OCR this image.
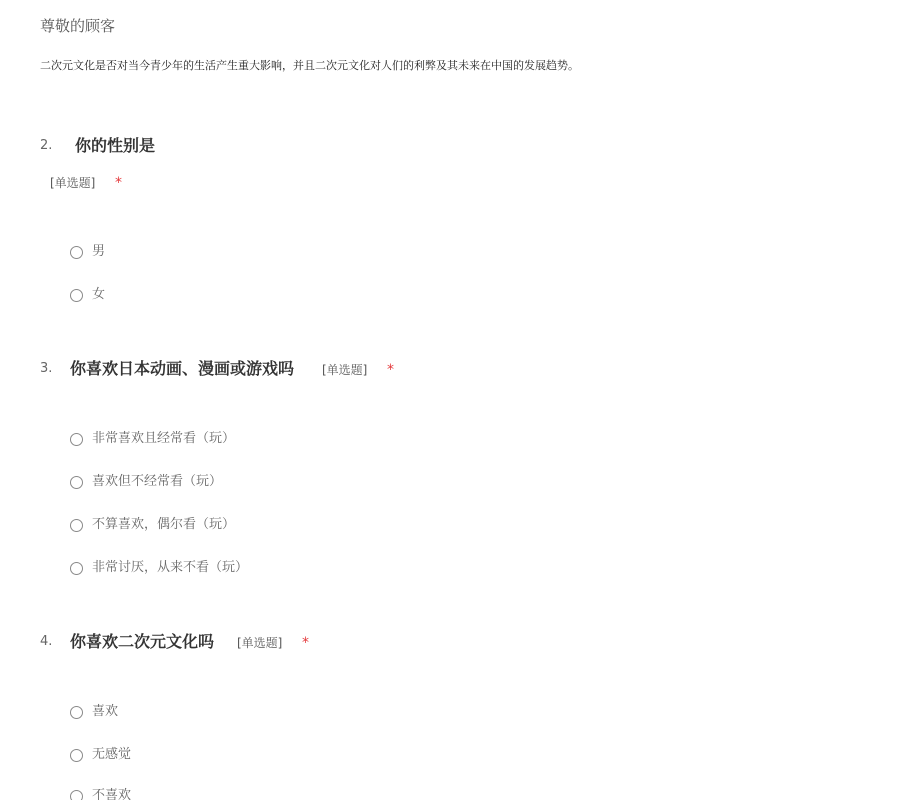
尊敬的顾客
二次元文化是否对当今青少年的生活产生重大影响，并且二次元文化对人们的利弊及其未来在中国的发展趋势。
2. 你的性别是
[单选题] *
男
女
3. 你喜欢日本动画、漫画或游戏吗 [单选题] *
非常喜欢且经常看（玩）
喜欢但不经常看（玩）
不算喜欢，偶尔看（玩）
非常讨厌，从来不看（玩）
4. 你喜欢二次元文化吗 [单选题] *
喜欢
无感觉
不喜欢
